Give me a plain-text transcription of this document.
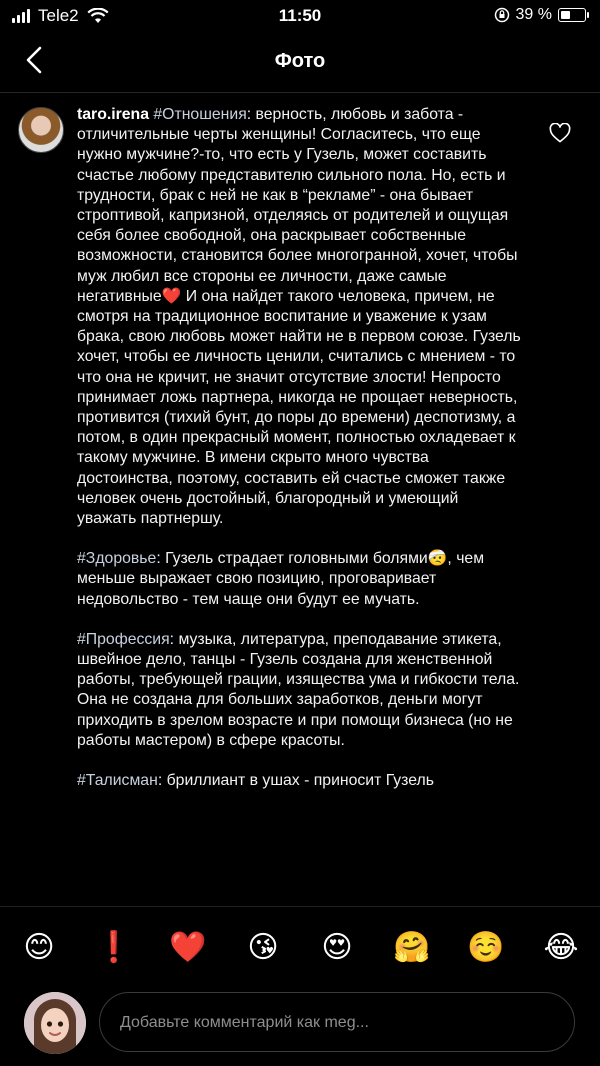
Tele2	11:50	39 %
Фото

taro.irena #Отношения: верность, любовь и забота - отличительные черты женщины! Согласитесь, что еще нужно мужчине?-то, что есть у Гузель, может составить счастье любому представителю сильного пола. Но, есть и трудности, брак с ней не как в “рекламе” - она бывает строптивой, капризной, отделяясь от родителей и ощущая себя более свободной, она раскрывает собственные возможности, становится более многогранной, хочет, чтобы муж любил все стороны ее личности, даже самые негативные❤️ И она найдет такого человека, причем, не смотря на традиционное воспитание и уважение к узам брака, свою любовь может найти не в первом союзе. Гузель хочет, чтобы ее личность ценили, считались с мнением - то что она не кричит, не значит отсутствие злости! Непросто принимает ложь партнера, никогда не прощает неверность, противится (тихий бунт, до поры до времени) деспотизму, а потом, в один прекрасный момент, полностью охладевает к такому мужчине. В имени скрыто много чувства достоинства, поэтому, составить ей счастье сможет также человек очень достойный, благородный и умеющий уважать партнершу.

#Здоровье: Гузель страдает головными болями🤕, чем меньше выражает свою позицию, проговаривает недовольство - тем чаще они будут ее мучать.

#Профессия: музыка, литература, преподавание этикета, швейное дело, танцы - Гузель создана для женственной работы, требующей грации, изящества ума и гибкости тела. Она не создана для больших заработков, деньги могут приходить в зрелом возрасте и при помощи бизнеса (но не работы мастером) в сфере красоты.

#Талисман: бриллиант в ушах - приносит Гузель

😊	❗ ❤️	😘	😍	🤗 ☺️ 😂
Добавьте комментарий как meg...
